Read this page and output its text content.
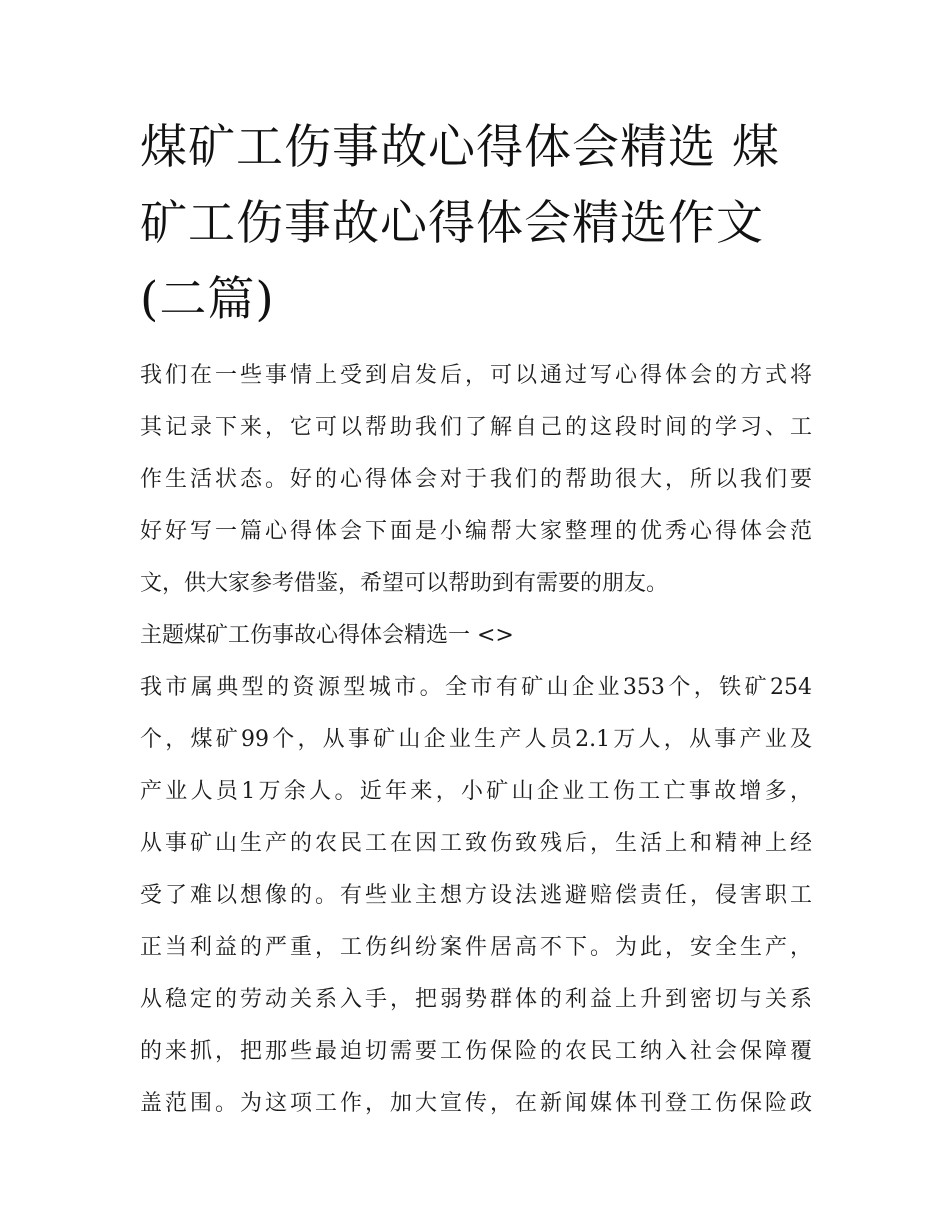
煤矿工伤事故心得体会精选 煤
矿工伤事故心得体会精选作文
(二篇)
我们在一些事情上受到启发后，可以通过写心得体会的方式将
其记录下来，它可以帮助我们了解自己的这段时间的学习、工
作生活状态。好的心得体会对于我们的帮助很大，所以我们要
好好写一篇心得体会下面是小编帮大家整理的优秀心得体会范
文，供大家参考借鉴，希望可以帮助到有需要的朋友。
主题煤矿工伤事故心得体会精选一 <>
我市属典型的资源型城市。全市有矿山企业353个，铁矿254
个，煤矿99个，从事矿山企业生产人员2.1万人，从事产业及
产业人员1万余人。近年来，小矿山企业工伤工亡事故增多，
从事矿山生产的农民工在因工致伤致残后，生活上和精神上经
受了难以想像的。有些业主想方设法逃避赔偿责任，侵害职工
正当利益的严重，工伤纠纷案件居高不下。为此，安全生产，
从稳定的劳动关系入手，把弱势群体的利益上升到密切与关系
的来抓，把那些最迫切需要工伤保险的农民工纳入社会保障覆
盖范围。为这项工作，加大宣传，在新闻媒体刊登工伤保险政
